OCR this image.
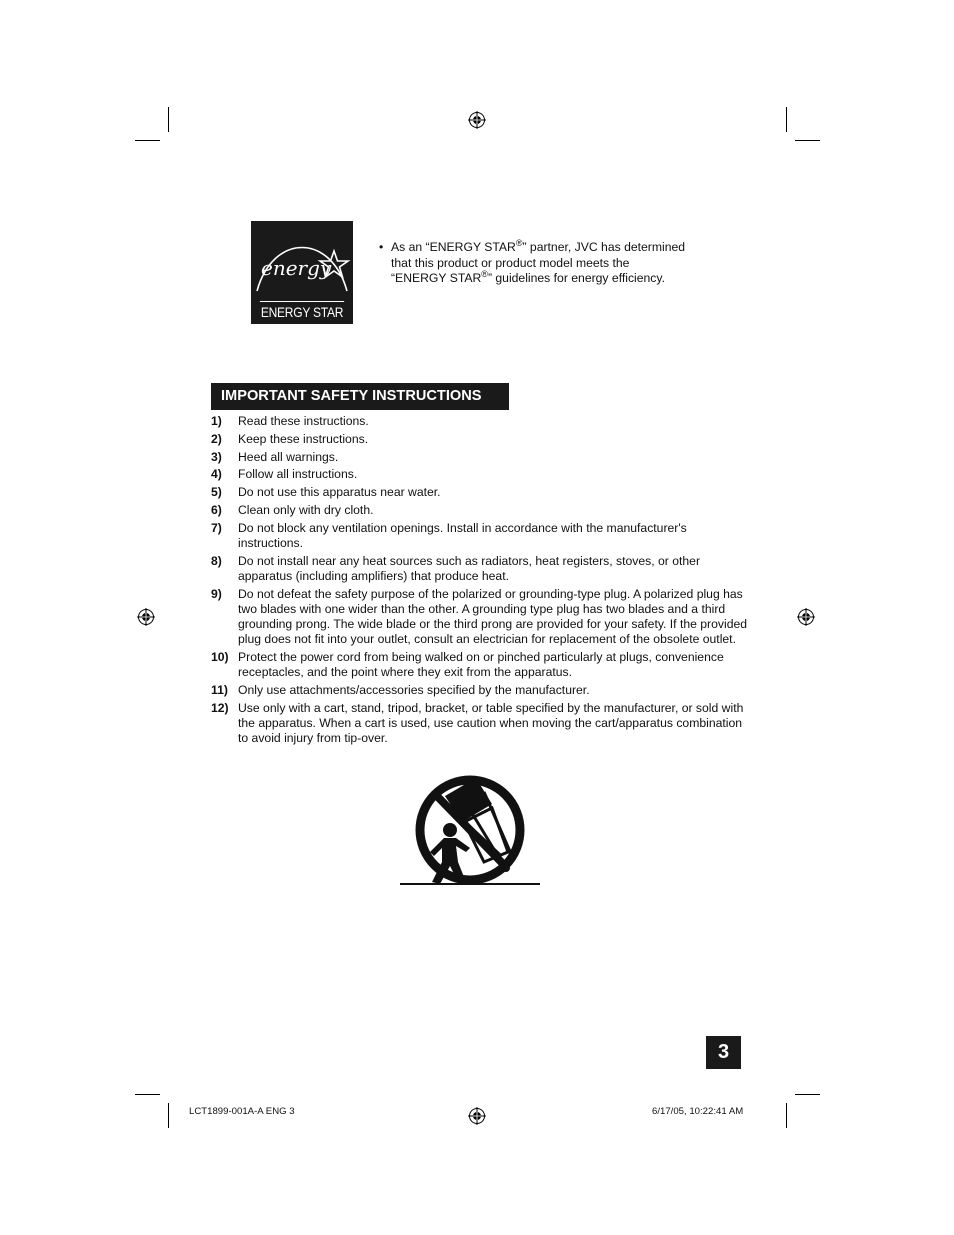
energy
ENERGY STAR
• As an “ENERGY STAR®” partner, JVC has determined
that this product or product model meets the
“ENERGY STAR®” guidelines for energy efficiency.
IMPORTANT SAFETY INSTRUCTIONS
1) Read these instructions.
2) Keep these instructions.
3) Heed all warnings.
4) Follow all instructions.
5) Do not use this apparatus near water.
6) Clean only with dry cloth.
7) Do not block any ventilation openings. Install in accordance with the manufacturer's instructions.
8) Do not install near any heat sources such as radiators, heat registers, stoves, or other apparatus (including amplifiers) that produce heat.
9) Do not defeat the safety purpose of the polarized or grounding-type plug. A polarized plug has two blades with one wider than the other. A grounding type plug has two blades and a third grounding prong. The wide blade or the third prong are provided for your safety. If the provided plug does not fit into your outlet, consult an electrician for replacement of the obsolete outlet.
10) Protect the power cord from being walked on or pinched particularly at plugs, convenience receptacles, and the point where they exit from the apparatus.
11) Only use attachments/accessories specified by the manufacturer.
12) Use only with a cart, stand, tripod, bracket, or table specified by the manufacturer, or sold with the apparatus. When a cart is used, use caution when moving the cart/apparatus combination to avoid injury from tip-over.
3
LCT1899-001A-A ENG 3	6/17/05, 10:22:41 AM
